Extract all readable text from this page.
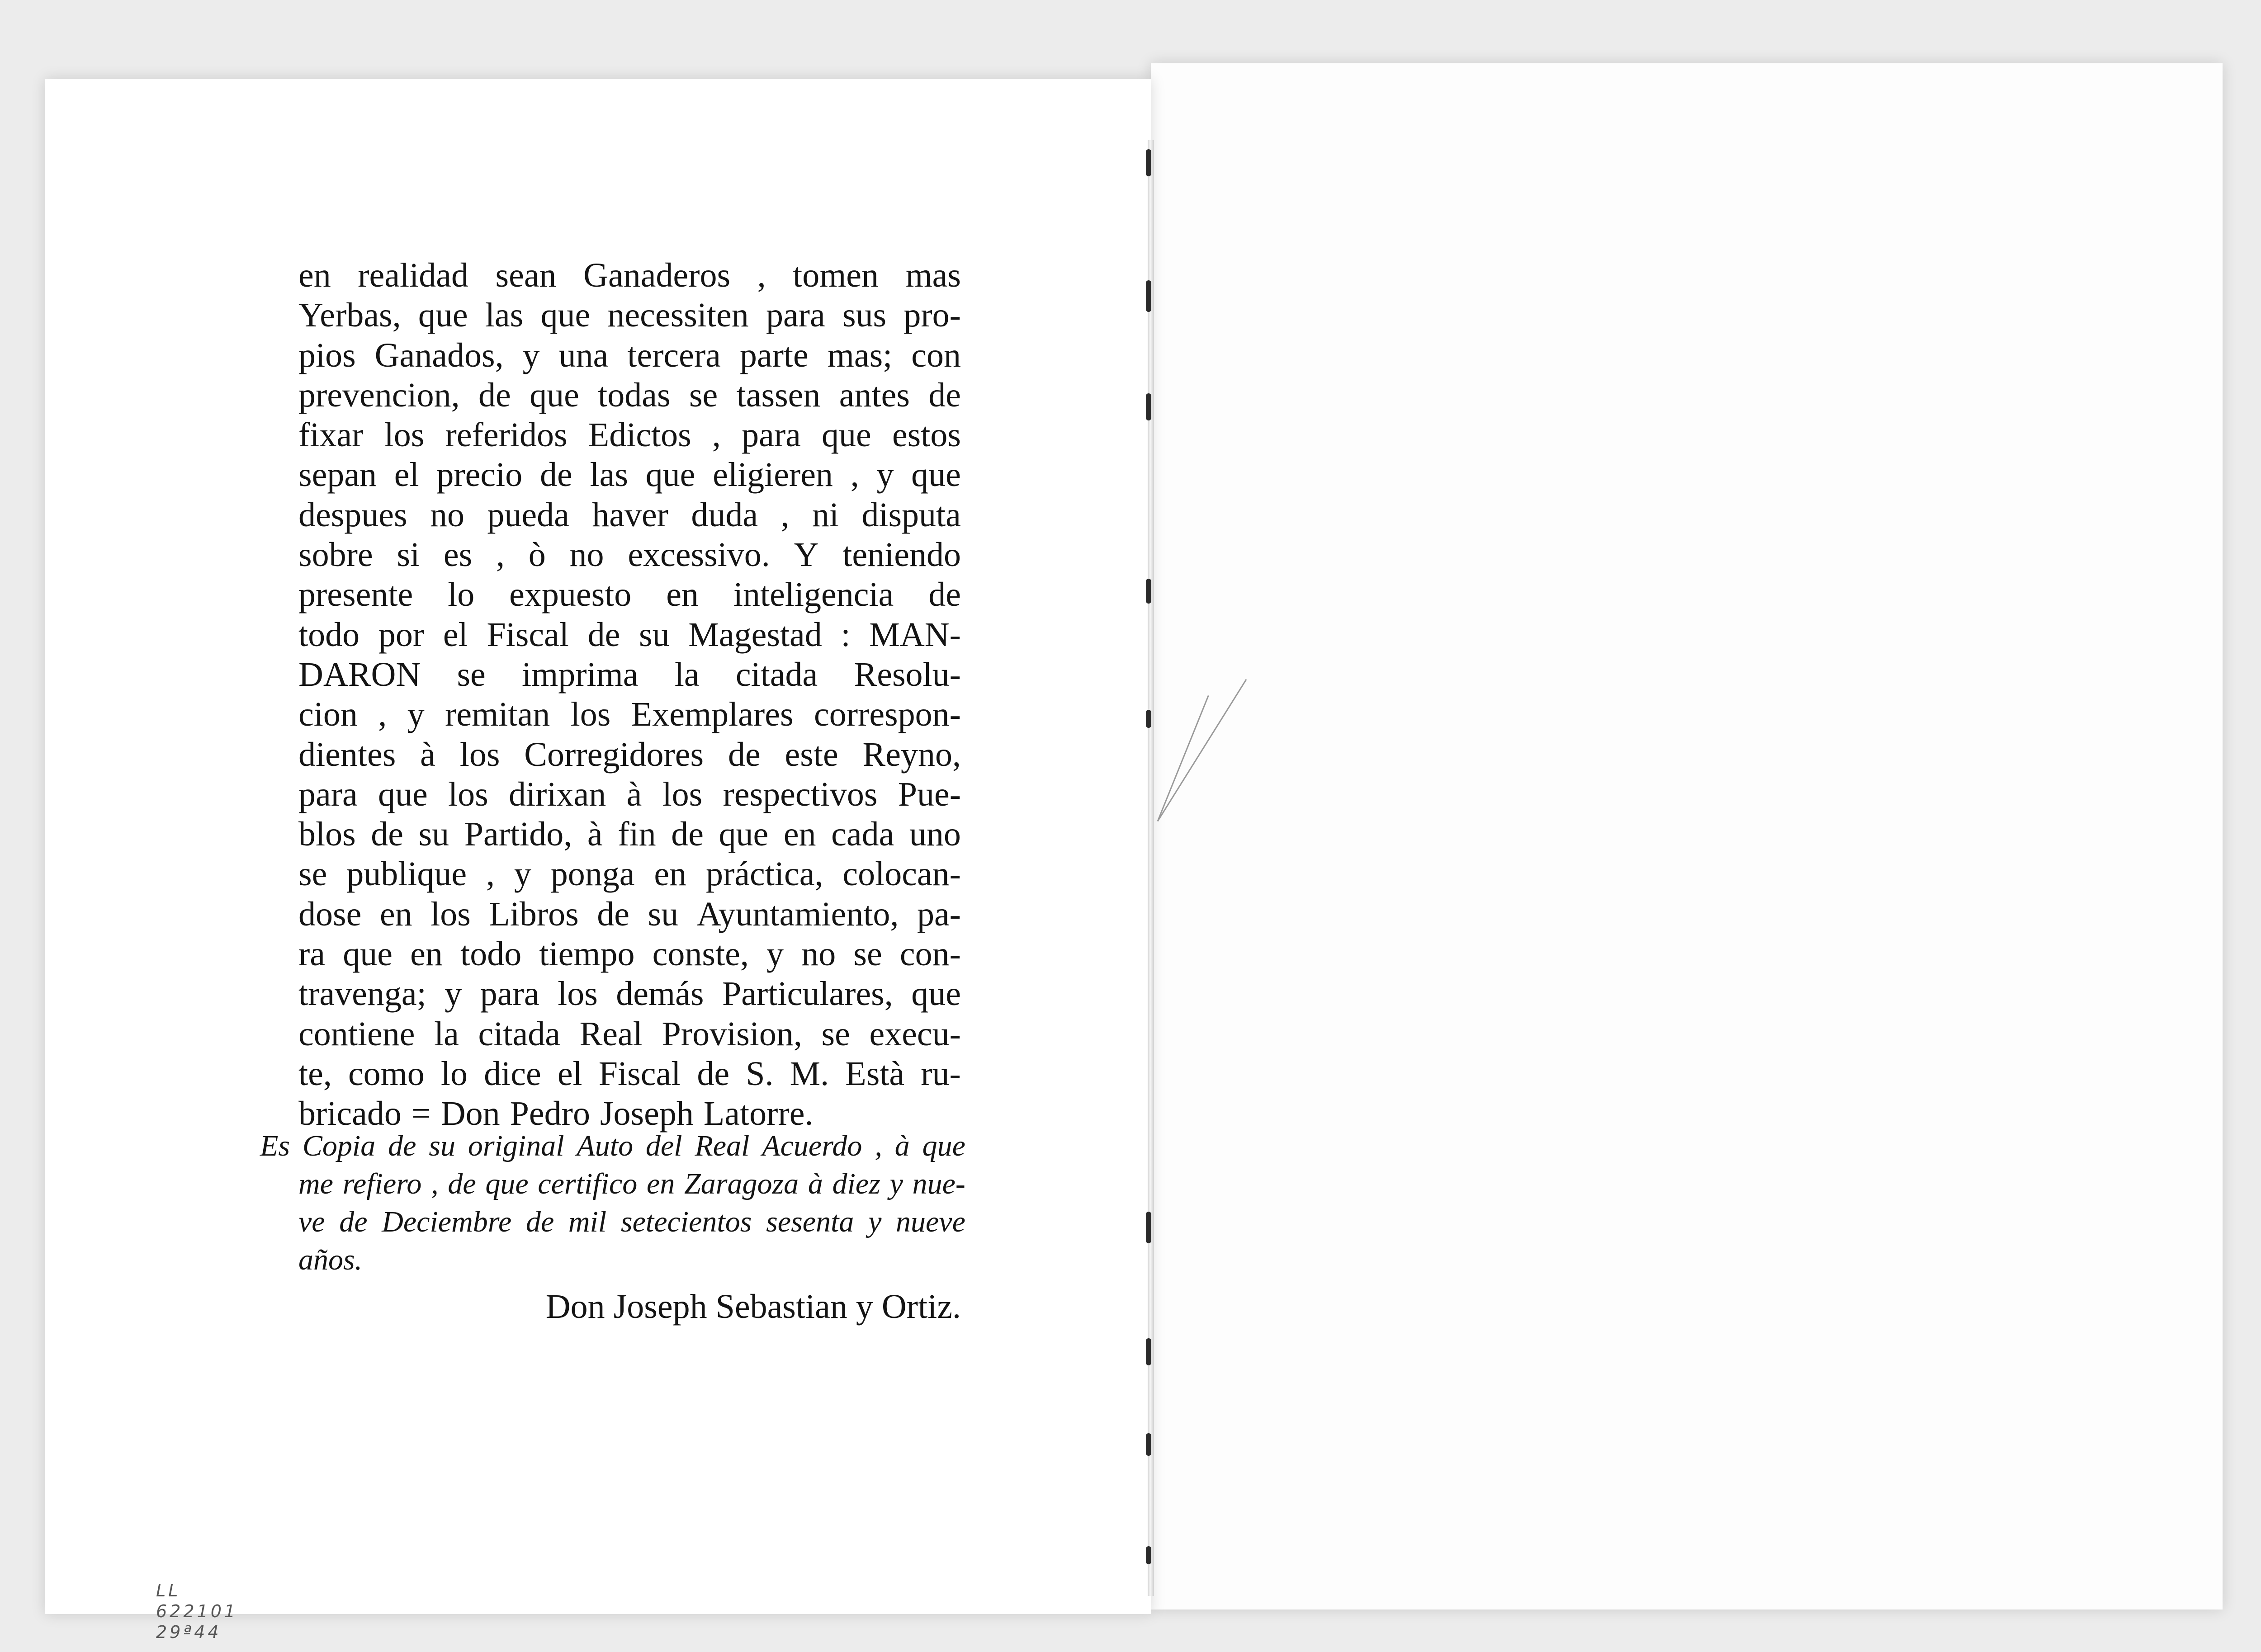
en realidad sean Ganaderos , tomen mas
Yerbas, que las que necessiten para sus pro-
pios Ganados, y una tercera parte mas; con
prevencion, de que todas se tassen antes de
fixar los referidos Edictos , para que estos
sepan el precio de las que eligieren , y que
despues no pueda haver duda , ni disputa
sobre si es , ò no excessivo. Y teniendo
presente lo expuesto en inteligencia de
todo por el Fiscal de su Magestad : MAN-
DARON se imprima la citada Resolu-
cion , y remitan los Exemplares correspon-
dientes à los Corregidores de este Reyno,
para que los dirixan à los respectivos Pue-
blos de su Partido, à fin de que en cada uno
se publique , y ponga en práctica, colocan-
dose en los Libros de su Ayuntamiento, pa-
ra que en todo tiempo conste, y no se con-
travenga; y para los demás Particulares, que
contiene la citada Real Provision, se execu-
te, como lo dice el Fiscal de S. M. Està ru-
bricado = Don Pedro Joseph Latorre.
Es Copia de su original Auto del Real Acuerdo , à que
me refiero , de que certifico en Zaragoza à diez y nue-
ve de Deciembre de mil setecientos sesenta y nueve
años.
Don Joseph Sebastian y Ortiz.
LL
622101
29ª44
